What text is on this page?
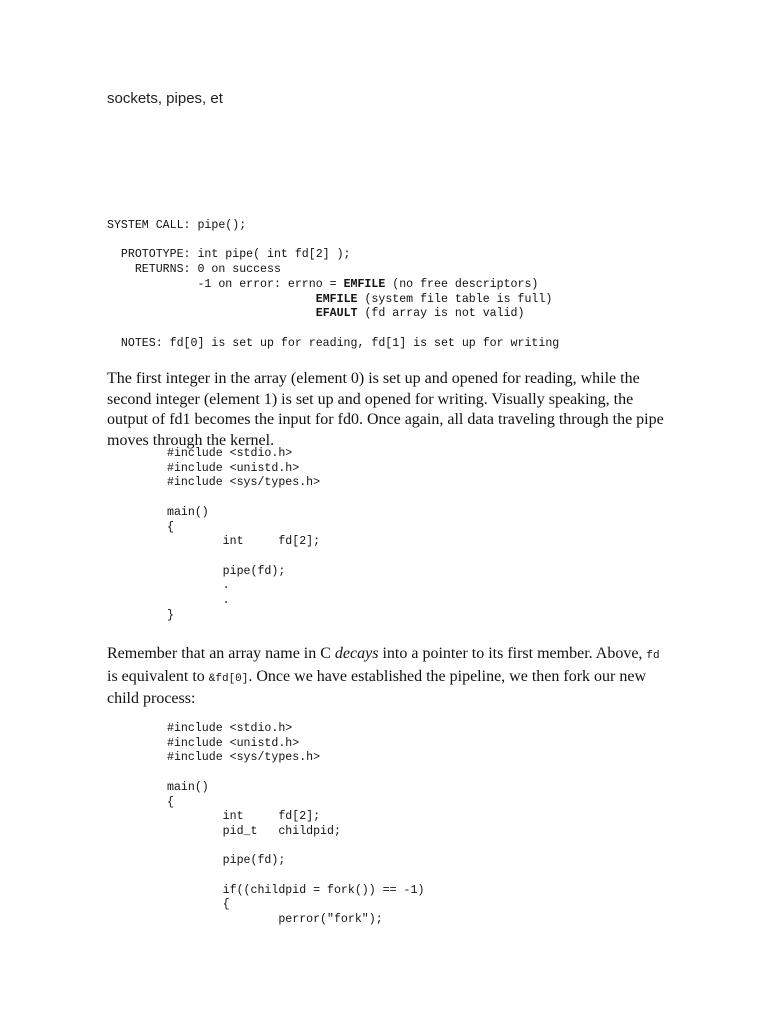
sockets, pipes, et
SYSTEM CALL: pipe();

PROTOTYPE: int pipe( int fd[2] );
RETURNS: 0 on success
-1 on error: errno = EMFILE (no free descriptors)
EMFILE (system file table is full)
EFAULT (fd array is not valid)

NOTES: fd[0] is set up for reading, fd[1] is set up for writing

The first integer in the array (element 0) is set up and opened for reading, while the second integer (element 1) is set up and opened for writing. Visually speaking, the output of fd1 becomes the input for fd0. Once again, all data traveling through the pipe moves through the kernel.

#include <stdio.h>
#include <unistd.h>
#include <sys/types.h>

main()
{
int     fd[2];

pipe(fd);
.
.
}

Remember that an array name in C decays into a pointer to its first member. Above, fd is equivalent to &fd[0]. Once we have established the pipeline, we then fork our new child process:

#include <stdio.h>
#include <unistd.h>
#include <sys/types.h>

main()
{
int     fd[2];
pid_t   childpid;

pipe(fd);

if((childpid = fork()) == -1)
{
perror("fork");
